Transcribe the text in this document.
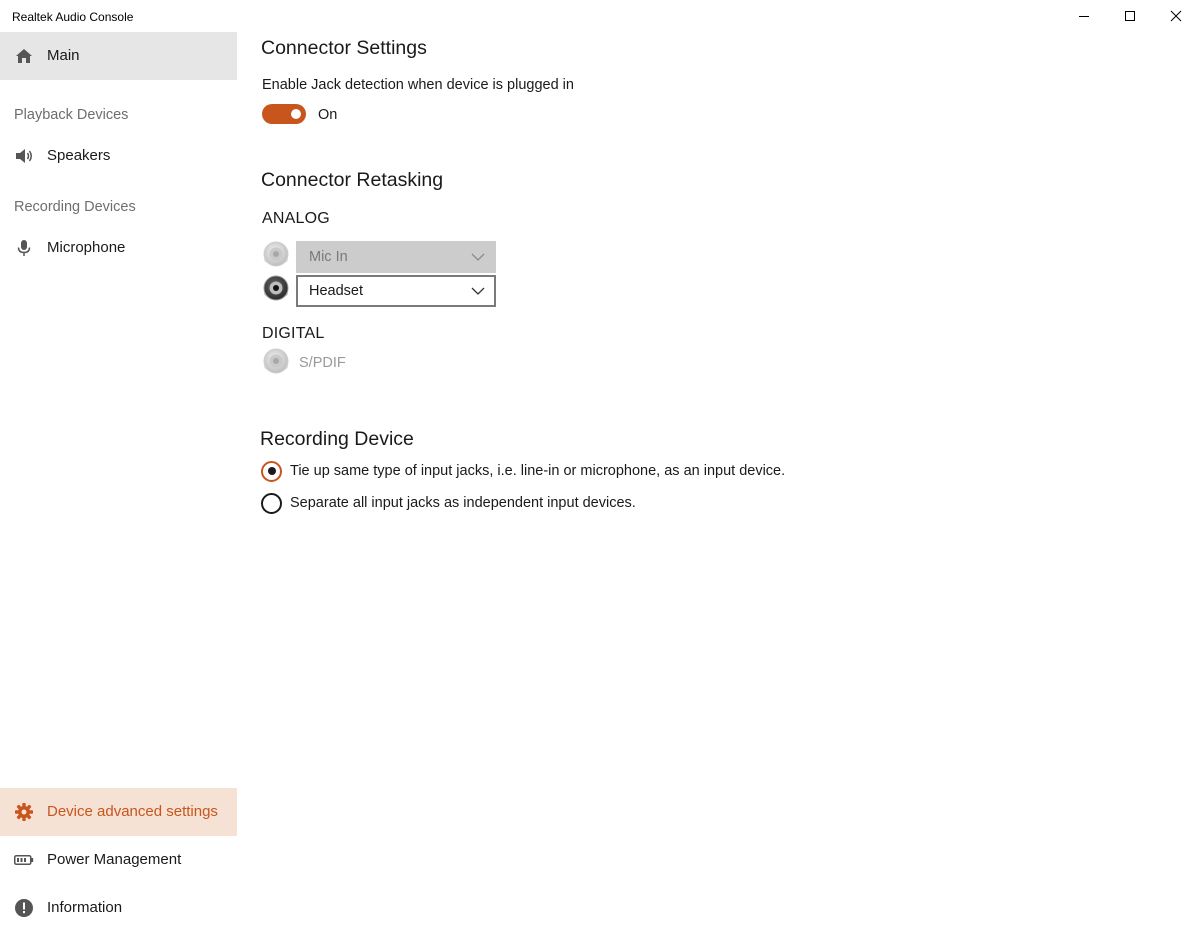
Realtek Audio Console
Main
Playback Devices
Speakers
Recording Devices
Microphone
Device advanced settings
Power Management
Information
Connector Settings
Enable Jack detection when device is plugged in
On
Connector Retasking
ANALOG
Mic In
Headset
DIGITAL
S/PDIF
Recording Device
Tie up same type of input jacks, i.e. line-in or microphone, as an input device.
Separate all input jacks as independent input devices.
